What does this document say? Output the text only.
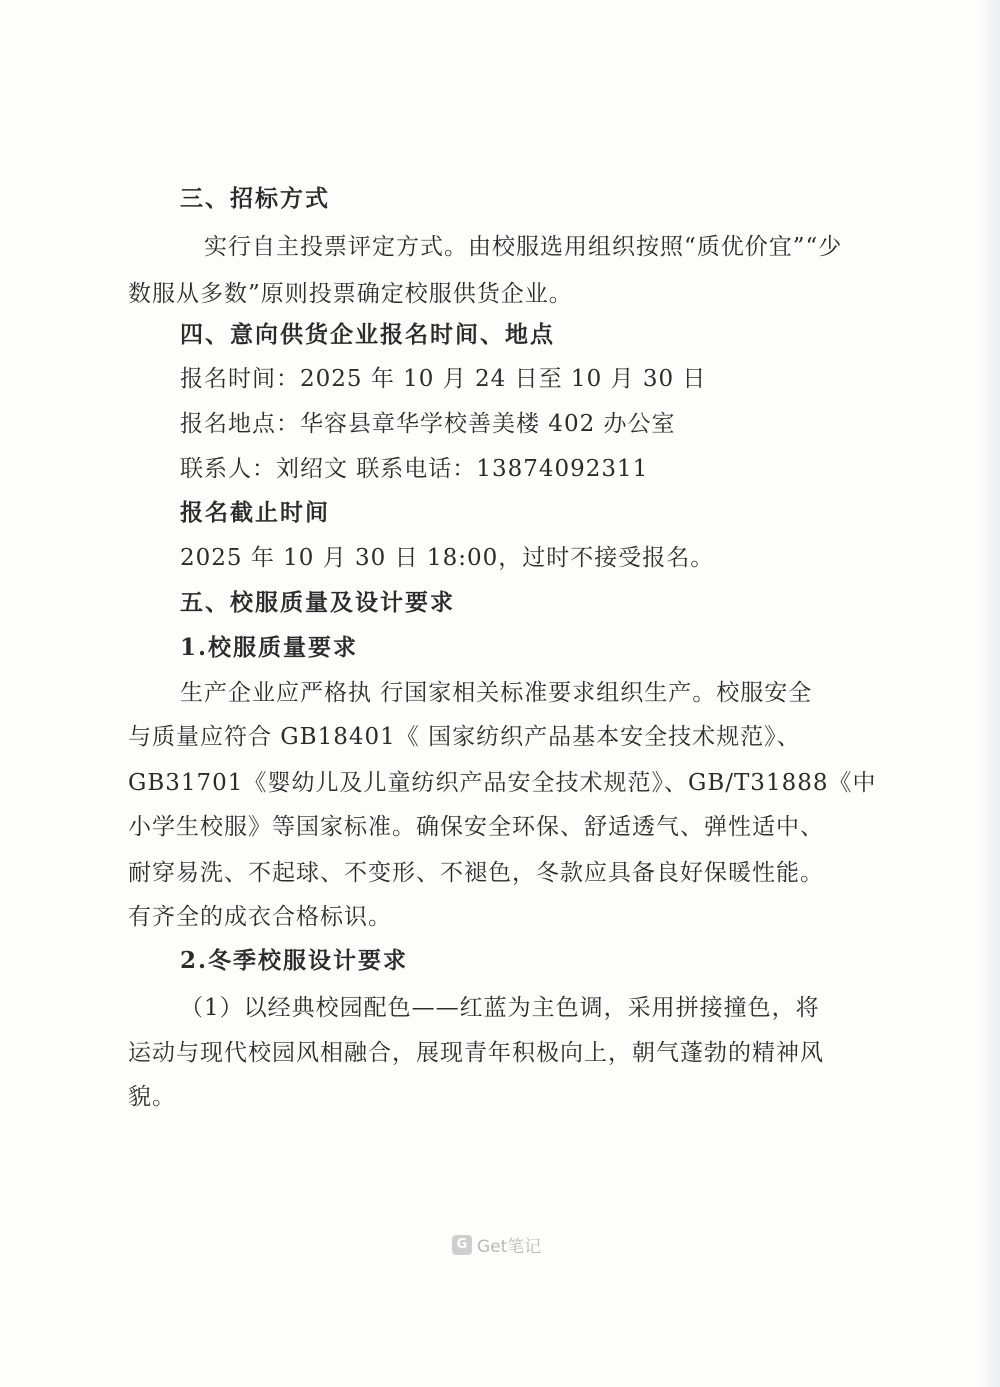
三、招标方式
实行自主投票评定方式。由校服选用组织按照“质优价宜”“少
数服从多数”原则投票确定校服供货企业。
四、意向供货企业报名时间、地点
报名时间：2025 年 10 月 24 日至 10 月 30 日
报名地点：华容县章华学校善美楼 402 办公室
联系人：刘绍文 联系电话：13874092311
报名截止时间
2025 年 10 月 30 日 18:00，过时不接受报名。
五、校服质量及设计要求
1.校服质量要求
生产企业应严格执 行国家相关标准要求组织生产。校服安全
与质量应符合 GB18401《 国家纺织产品基本安全技术规范》、
GB31701《婴幼儿及儿童纺织产品安全技术规范》、GB/T31888《中
小学生校服》等国家标准。确保安全环保、舒适透气、弹性适中、
耐穿易洗、不起球、不变形、不褪色，冬款应具备良好保暖性能。
有齐全的成衣合格标识。
2.冬季校服设计要求
（1）以经典校园配色——红蓝为主色调，采用拼接撞色，将
运动与现代校园风相融合，展现青年积极向上，朝气蓬勃的精神风
貌。
G Get笔记
